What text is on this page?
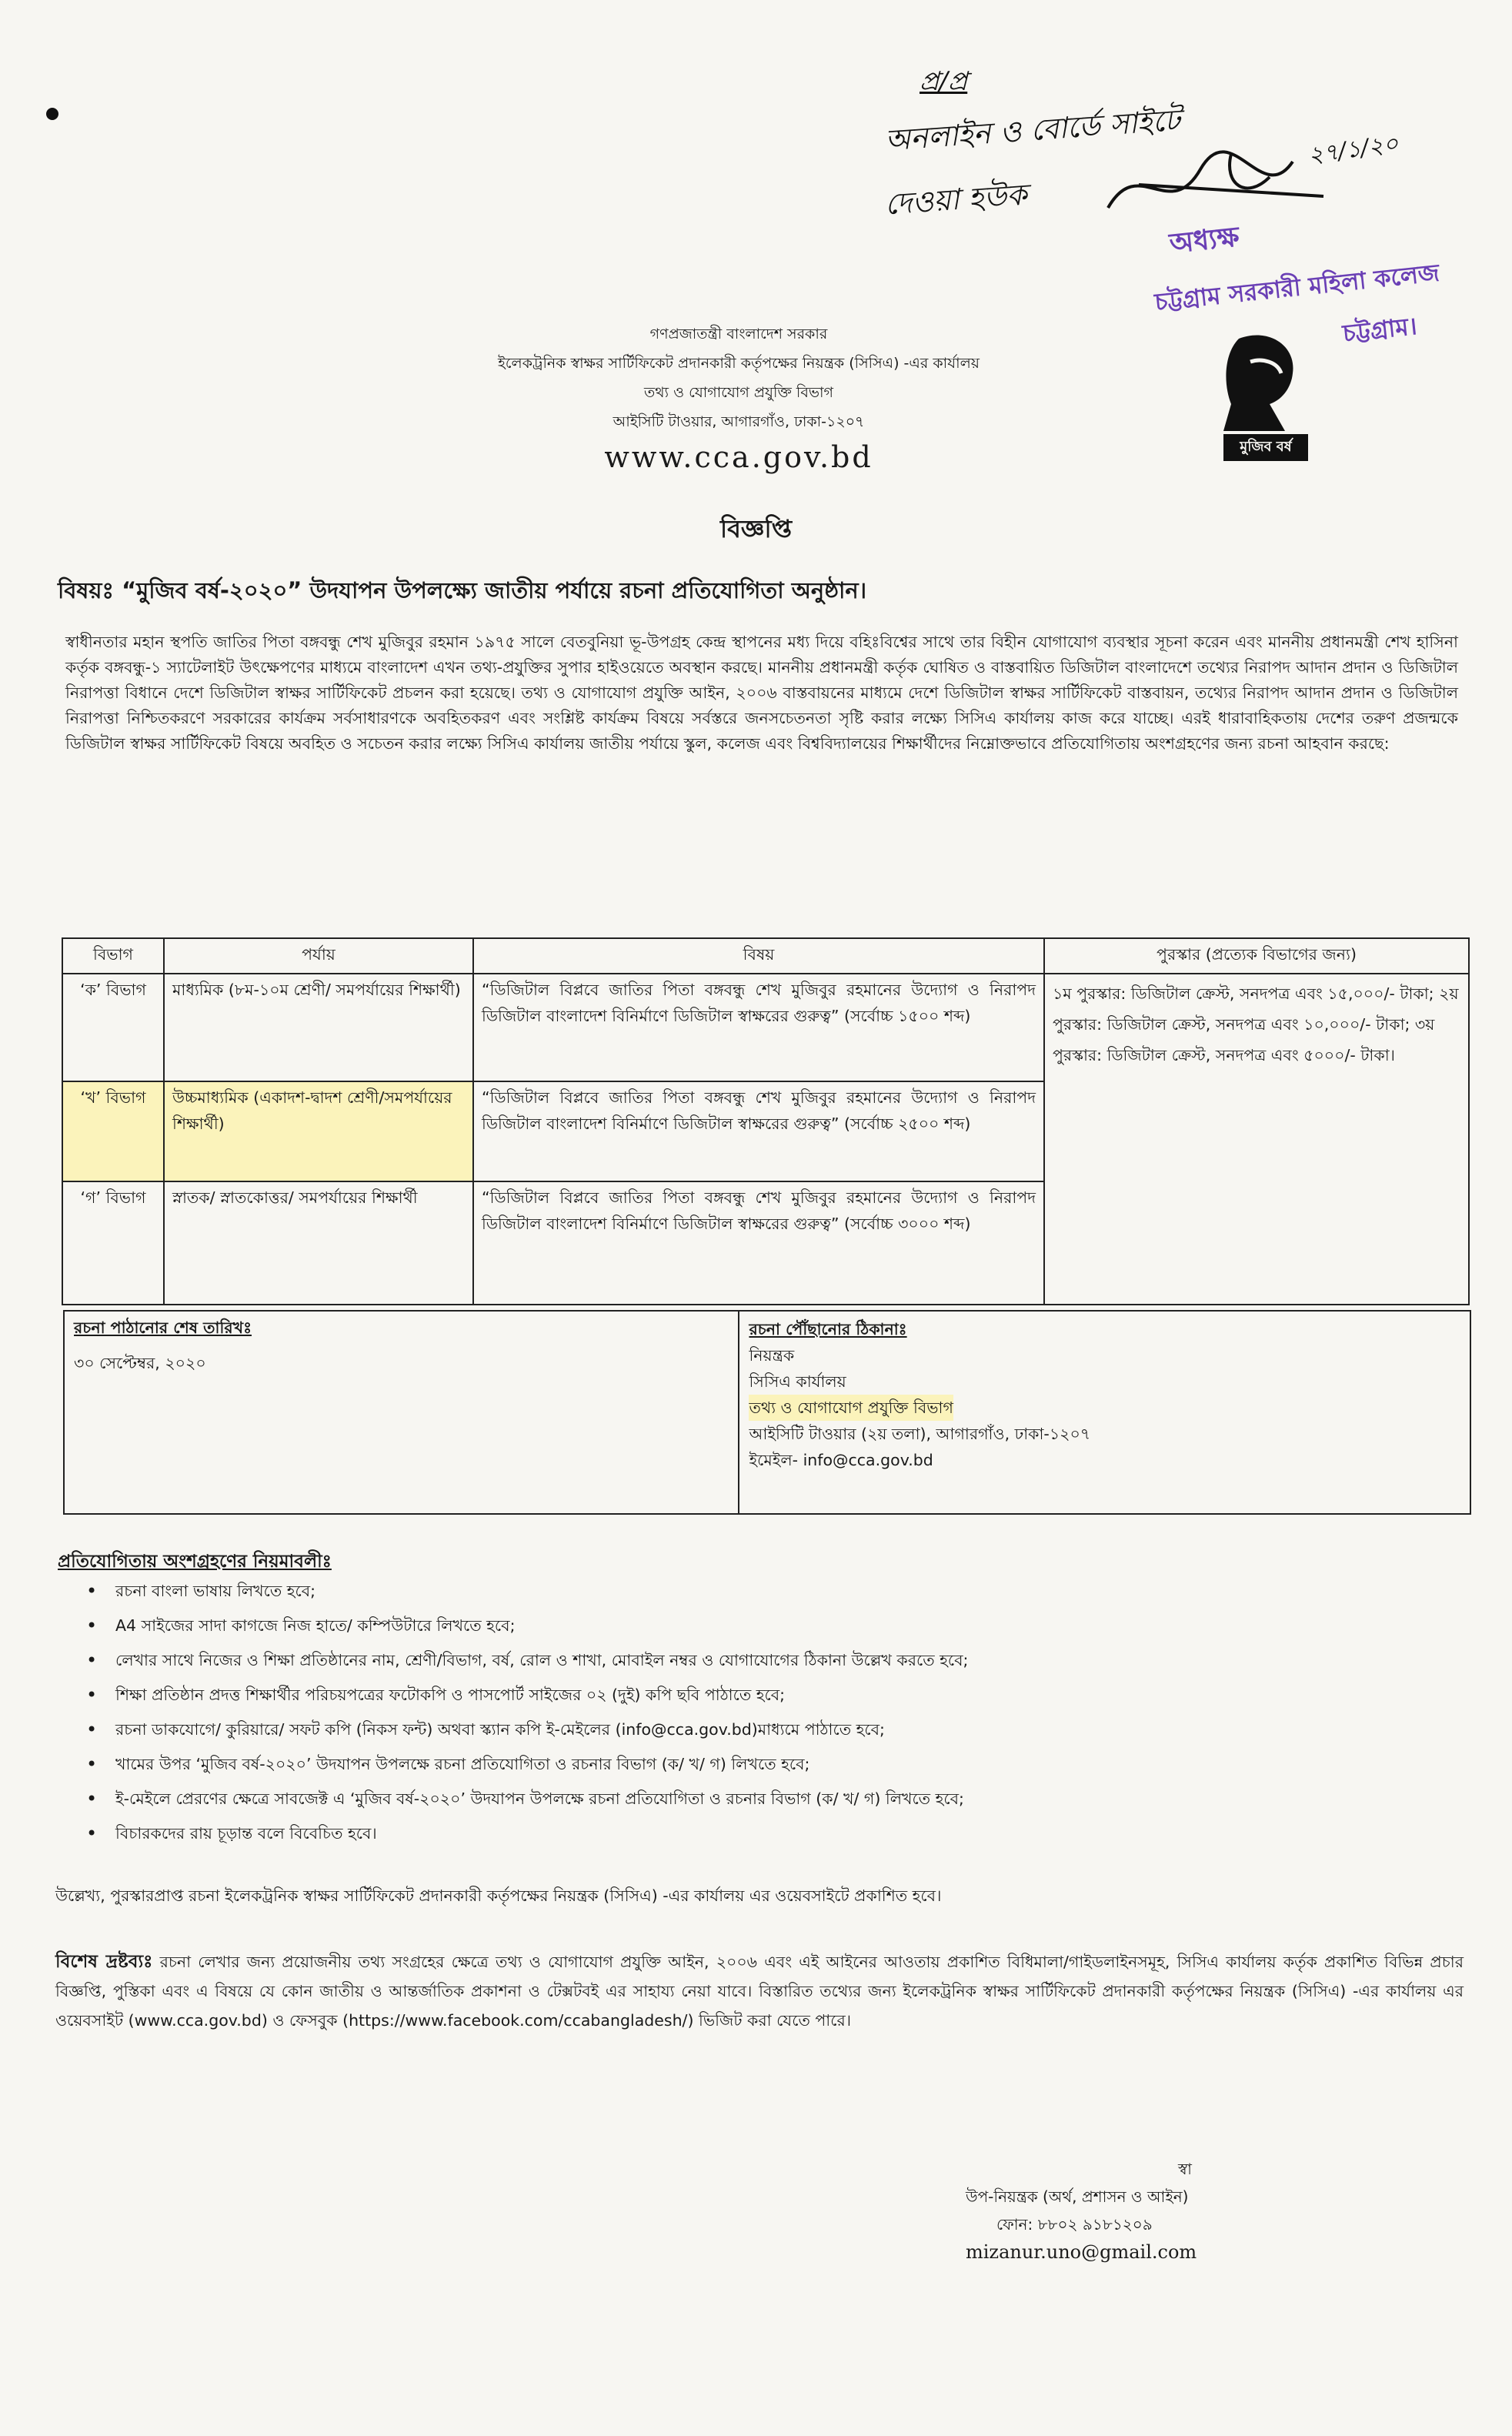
প্র/প্র
অনলাইন ও বোর্ডে সাইটে
দেওয়া হউক
২৭/১/২০
অধ্যক্ষ
চট্টগ্রাম সরকারী মহিলা কলেজ
চট্টগ্রাম।
গণপ্রজাতন্ত্রী বাংলাদেশ সরকার
ইলেকট্রনিক স্বাক্ষর সার্টিফিকেট প্রদানকারী কর্তৃপক্ষের নিয়ন্ত্রক (সিসিএ) -এর কার্যালয়
তথ্য ও যোগাযোগ প্রযুক্তি বিভাগ
আইসিটি টাওয়ার, আগারগাঁও, ঢাকা-১২০৭
www.cca.gov.bd	মুজিব বর্ষ
বিজ্ঞপ্তি
বিষয়ঃ “মুজিব বর্ষ-২০২০” উদযাপন উপলক্ষ্যে জাতীয় পর্যায়ে রচনা প্রতিযোগিতা অনুষ্ঠান।
স্বাধীনতার মহান স্থপতি জাতির পিতা বঙ্গবন্ধু শেখ মুজিবুর রহমান ১৯৭৫ সালে বেতবুনিয়া ভূ-উপগ্রহ কেন্দ্র স্থাপনের মধ্য দিয়ে বহিঃবিশ্বের সাথে তার বিহীন যোগাযোগ ব্যবস্থার সূচনা করেন এবং মাননীয় প্রধানমন্ত্রী শেখ হাসিনা কর্তৃক বঙ্গবন্ধু-১ স্যাটেলাইট উৎক্ষেপণের মাধ্যমে বাংলাদেশ এখন তথ্য-প্রযুক্তির সুপার হাইওয়েতে অবস্থান করছে। মাননীয় প্রধানমন্ত্রী কর্তৃক ঘোষিত ও বাস্তবায়িত ডিজিটাল বাংলাদেশে তথ্যের নিরাপদ আদান প্রদান ও ডিজিটাল নিরাপত্তা বিধানে দেশে ডিজিটাল স্বাক্ষর সার্টিফিকেট প্রচলন করা হয়েছে। তথ্য ও যোগাযোগ প্রযুক্তি আইন, ২০০৬ বাস্তবায়নের মাধ্যমে দেশে ডিজিটাল স্বাক্ষর সার্টিফিকেট বাস্তবায়ন, তথ্যের নিরাপদ আদান প্রদান ও ডিজিটাল নিরাপত্তা নিশ্চিতকরণে সরকারের কার্যক্রম সর্বসাধারণকে অবহিতকরণ এবং সংশ্লিষ্ট কার্যক্রম বিষয়ে সর্বস্তরে জনসচেতনতা সৃষ্টি করার লক্ষ্যে সিসিএ কার্যালয় কাজ করে যাচ্ছে। এরই ধারাবাহিকতায় দেশের তরুণ প্রজন্মকে ডিজিটাল স্বাক্ষর সার্টিফিকেট বিষয়ে অবহিত ও সচেতন করার লক্ষ্যে সিসিএ কার্যালয় জাতীয় পর্যায়ে স্কুল, কলেজ এবং বিশ্ববিদ্যালয়ের শিক্ষার্থীদের নিম্নোক্তভাবে প্রতিযোগিতায় অংশগ্রহণের জন্য রচনা আহবান করছে:
বিভাগ	পর্যায়	বিষয়	পুরস্কার (প্রত্যেক বিভাগের জন্য)
‘ক’ বিভাগ	মাধ্যমিক (৮ম-১০ম শ্রেণী/ সমপর্যায়ের শিক্ষার্থী)	“ডিজিটাল বিপ্লবে জাতির পিতা বঙ্গবন্ধু শেখ মুজিবুর রহমানের উদ্যোগ ও নিরাপদ ডিজিটাল বাংলাদেশ বিনির্মাণে ডিজিটাল স্বাক্ষরের গুরুত্ব” (সর্বোচ্চ ১৫০০ শব্দ)	১ম পুরস্কার: ডিজিটাল ক্রেস্ট, সনদপত্র এবং ১৫,০০০/- টাকা; ২য় পুরস্কার: ডিজিটাল ক্রেস্ট, সনদপত্র এবং ১০,০০০/- টাকা; ৩য় পুরস্কার: ডিজিটাল ক্রেস্ট, সনদপত্র এবং ৫০০০/- টাকা।
‘খ’ বিভাগ	উচ্চমাধ্যমিক (একাদশ-দ্বাদশ শ্রেণী/সমপর্যায়ের শিক্ষার্থী)	“ডিজিটাল বিপ্লবে জাতির পিতা বঙ্গবন্ধু শেখ মুজিবুর রহমানের উদ্যোগ ও নিরাপদ ডিজিটাল বাংলাদেশ বিনির্মাণে ডিজিটাল স্বাক্ষরের গুরুত্ব” (সর্বোচ্চ ২৫০০ শব্দ)	
‘গ’ বিভাগ	স্নাতক/ স্নাতকোত্তর/ সমপর্যায়ের শিক্ষার্থী	“ডিজিটাল বিপ্লবে জাতির পিতা বঙ্গবন্ধু শেখ মুজিবুর রহমানের উদ্যোগ ও নিরাপদ ডিজিটাল বাংলাদেশ বিনির্মাণে ডিজিটাল স্বাক্ষরের গুরুত্ব” (সর্বোচ্চ ৩০০০ শব্দ)	
রচনা পাঠানোর শেষ তারিখঃ
৩০ সেপ্টেম্বর, ২০২০

রচনা পৌঁছানোর ঠিকানাঃ
নিয়ন্ত্রক
সিসিএ কার্যালয়
তথ্য ও যোগাযোগ প্রযুক্তি বিভাগ
আইসিটি টাওয়ার (২য় তলা), আগারগাঁও, ঢাকা-১২০৭
ইমেইল- info@cca.gov.bd
প্রতিযোগিতায় অংশগ্রহণের নিয়মাবলীঃ
• রচনা বাংলা ভাষায় লিখতে হবে;
• A4 সাইজের সাদা কাগজে নিজ হাতে/ কম্পিউটারে লিখতে হবে;
• লেখার সাথে নিজের ও শিক্ষা প্রতিষ্ঠানের নাম, শ্রেণী/বিভাগ, বর্ষ, রোল ও শাখা, মোবাইল নম্বর ও যোগাযোগের ঠিকানা উল্লেখ করতে হবে;
• শিক্ষা প্রতিষ্ঠান প্রদত্ত শিক্ষার্থীর পরিচয়পত্রের ফটোকপি ও পাসপোর্ট সাইজের ০২ (দুই) কপি ছবি পাঠাতে হবে;
• রচনা ডাকযোগে/ কুরিয়ারে/ সফট কপি (নিকস ফন্ট) অথবা স্ক্যান কপি ই-মেইলের (info@cca.gov.bd)মাধ্যমে পাঠাতে হবে;
• খামের উপর ‘মুজিব বর্ষ-২০২০’ উদযাপন উপলক্ষে রচনা প্রতিযোগিতা ও রচনার বিভাগ (ক/ খ/ গ) লিখতে হবে;
• ই-মেইলে প্রেরণের ক্ষেত্রে সাবজেক্ট এ ‘মুজিব বর্ষ-২০২০’ উদযাপন উপলক্ষে রচনা প্রতিযোগিতা ও রচনার বিভাগ (ক/ খ/ গ) লিখতে হবে;
• বিচারকদের রায় চূড়ান্ত বলে বিবেচিত হবে।
উল্লেখ্য, পুরস্কারপ্রাপ্ত রচনা ইলেকট্রনিক স্বাক্ষর সার্টিফিকেট প্রদানকারী কর্তৃপক্ষের নিয়ন্ত্রক (সিসিএ) -এর কার্যালয় এর ওয়েবসাইটে প্রকাশিত হবে।
বিশেষ দ্রষ্টব্যঃ রচনা লেখার জন্য প্রয়োজনীয় তথ্য সংগ্রহের ক্ষেত্রে তথ্য ও যোগাযোগ প্রযুক্তি আইন, ২০০৬ এবং এই আইনের আওতায় প্রকাশিত বিধিমালা/গাইডলাইনসমূহ, সিসিএ কার্যালয় কর্তৃক প্রকাশিত বিভিন্ন প্রচার বিজ্ঞপ্তি, পুস্তিকা এবং এ বিষয়ে যে কোন জাতীয় ও আন্তর্জাতিক প্রকাশনা ও টেক্সটবই এর সাহায্য নেয়া যাবে। বিস্তারিত তথ্যের জন্য ইলেকট্রনিক স্বাক্ষর সার্টিফিকেট প্রদানকারী কর্তৃপক্ষের নিয়ন্ত্রক (সিসিএ) -এর কার্যালয় এর ওয়েবসাইট (www.cca.gov.bd) ও ফেসবুক (https://www.facebook.com/ccabangladesh/) ভিজিট করা যেতে পারে।
স্বা
উপ-নিয়ন্ত্রক (অর্থ, প্রশাসন ও আইন)
ফোন: ৮৮০২ ৯১৮১২০৯
mizanur.uno@gmail.com
